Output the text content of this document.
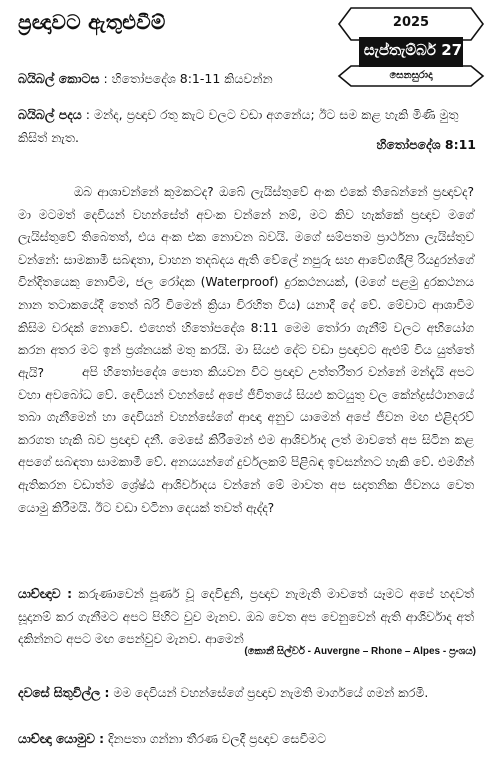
ප්‍රඥාවට ඇතුළුවීම්	2025
සැප්තැම්බර් 27
සෙනසුරාදා
බයිබල් කොටස : හිතෝපදේශ 8:1-11 කියවන්න
බයිබල් පදය : මන්ද, ප්‍රඥාව රතු කැට වලට වඩා අගනේය; ඊට සම කළ හැකි මිණි මුතු කිසිත් නැත.	හිතෝපදේශ 8:11

ඔබ ආශාවන්නේ කුමකටද? ඔබේ ලැයිස්තුවේ අංක එකේ තිබෙන්නේ ප්‍රඥාවද? මා මටමත් දෙවියන් වහන්සේත් අවංක වන්නේ නම්, මට කිව හැක්කේ ප්‍රඥාව මගේ ලැයිස්තුවේ තිබෙතත්, එය අංක එක නොවන බවයි. මගේ සම්පතම ප්‍රාර්ථනා ලැයිස්තුව වන්නේ: සාමකාමී සබඳතා, වාහන තදබදය ඇති වේලේ නපුරු සහ ආවේගශීලි රියදුරන්ගේ වින්දිතයෙකු නොවීම, ජල රෝදක (Waterproof) දුරකථනයක්, (මගේ පළමු දුරකථනය නාන තටාකයේදී තෙත් බරි වීමෙන් ක්‍රියා විරහිත විය) යනාදී දේ වේ. මේවාට ආශාවීම කිසිම වරදක් නොවේ. එහෙත් හිතෝපදේශ 8:11 මෙම තෝරා ගැනීම් වලට අභියෝග කරන අතර මට ඉන් ප්‍රශ්නයක් මතු කරයි. මා සියළු දේට වඩා ප්‍රඥාවට ඇළුම් විය යුත්තේ ඇයි?	අපි හිතෝපදේශ පොත කියවන විට ප්‍රඥාව උත්තරීතර වන්නේ මන්දැයි අපට වහා අවබෝධ වේ. දෙවියන් වහන්සේ අපේ ජීවිතයේ සියළු කටයුතු වල කේන්ද්‍රස්ථානයේ තබා ගැනීමෙන් හා දෙවියන් වහන්සේගේ ආඥා අනුව යාමෙන් අපේ ජීවන මඟ එළිදරව් කරගත හැකි බව ප්‍රඥාව දනී. මෙසේ කිරීමෙන් එම ආශිර්වාද ලත් මාවතේ අප සිටින කළ අපගේ සබඳතා සාමකාමී වේ. අනයයන්ගේ දුර්වලකම් පිළිබඳ ඉවසන්නට හැකි වේ. එමගින් ඇතිකරන වඩාත්ම ශ්‍රේෂ්ඨ ආශිර්වාදය වන්නේ මේ මාවත අප සදාතනික ජීවනය වෙත යොමු කිරීමයි. ඊට වඩා වටිනා දෙයක් තවත් ඇද්ද?

යාච්ඥාව : කරුණාවෙන් පූර්ණ වූ දෙවිඳුනි, ප්‍රඥාව නැමැති මාවතේ යෑමට අපේ හදවත් සූදානම් කර ගැනීමට අපට පිහිට වුව මැනව. ඔබ වෙත අප වෙනුවෙන් ඇති ආශිර්වාද අත් දකින්නට අපට මඟ පෙන්වුව මැනව. ආමෙන්

(කොනී සිල්වර් - Auvergne – Rhone – Alpes - ප්‍රංශය)
දවසේ සිතුවිල්ල : මම දෙවියන් වහන්සේගේ ප්‍රඥාව නැමති මාර්ගයේ ගමන් කරමි.
යාච්ඥා යොමුව : දිනපතා ගන්නා තීරණ වලදී ප්‍රඥාව සෙවීමට
